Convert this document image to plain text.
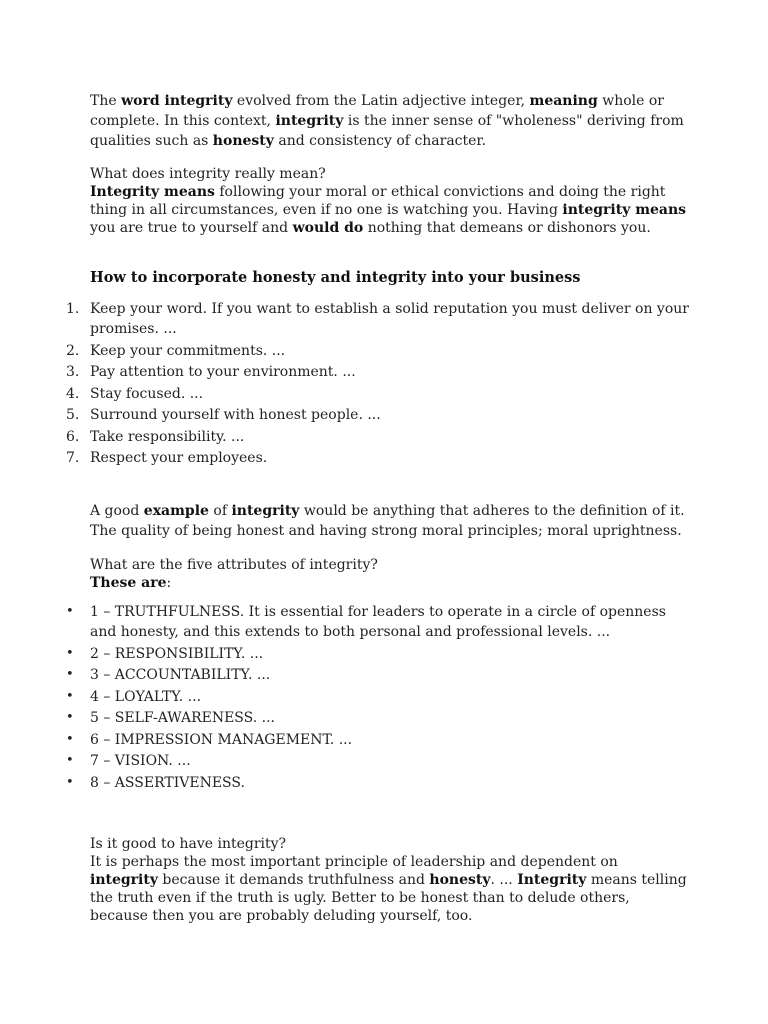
The word integrity evolved from the Latin adjective integer, meaning whole or complete. In this context, integrity is the inner sense of "wholeness" deriving from qualities such as honesty and consistency of character.

What does integrity really mean?
Integrity means following your moral or ethical convictions and doing the right thing in all circumstances, even if no one is watching you. Having integrity means you are true to yourself and would do nothing that demeans or dishonors you.

How to incorporate honesty and integrity into your business

1. Keep your word. If you want to establish a solid reputation you must deliver on your promises. ...
2. Keep your commitments. ...
3. Pay attention to your environment. ...
4. Stay focused. ...
5. Surround yourself with honest people. ...
6. Take responsibility. ...
7. Respect your employees.

A good example of integrity would be anything that adheres to the definition of it. The quality of being honest and having strong moral principles; moral uprightness.

What are the five attributes of integrity?
These are:

•	1 – TRUTHFULNESS. It is essential for leaders to operate in a circle of openness and honesty, and this extends to both personal and professional levels. ...
•	2 – RESPONSIBILITY. ...
•	3 – ACCOUNTABILITY. ...
•	4 – LOYALTY. ...
•	5 – SELF-AWARENESS. ...
•	6 – IMPRESSION MANAGEMENT. ...
•	7 – VISION. ...
•	8 – ASSERTIVENESS.

Is it good to have integrity?
It is perhaps the most important principle of leadership and dependent on integrity because it demands truthfulness and honesty. ... Integrity means telling the truth even if the truth is ugly. Better to be honest than to delude others, because then you are probably deluding yourself, too.
